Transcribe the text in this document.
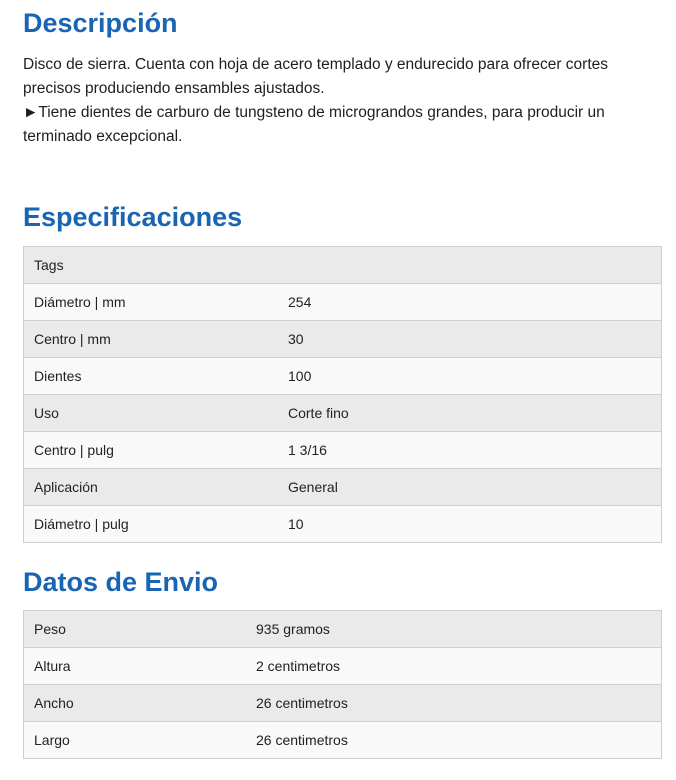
Descripción

Disco de sierra. Cuenta con hoja de acero templado y endurecido para ofrecer cortes precisos produciendo ensambles ajustados.

►Tiene dientes de carburo de tungsteno de micrograndos grandes, para producir un terminado excepcional.

Especificaciones
Tags	
Diámetro | mm	254
Centro | mm	30
Dientes	100
Uso	Corte fino
Centro | pulg	1 3/16
Aplicación	General
Diámetro | pulg	10
Datos de Envio
Peso	935 gramos
Altura	2 centimetros
Ancho	26 centimetros
Largo	26 centimetros
